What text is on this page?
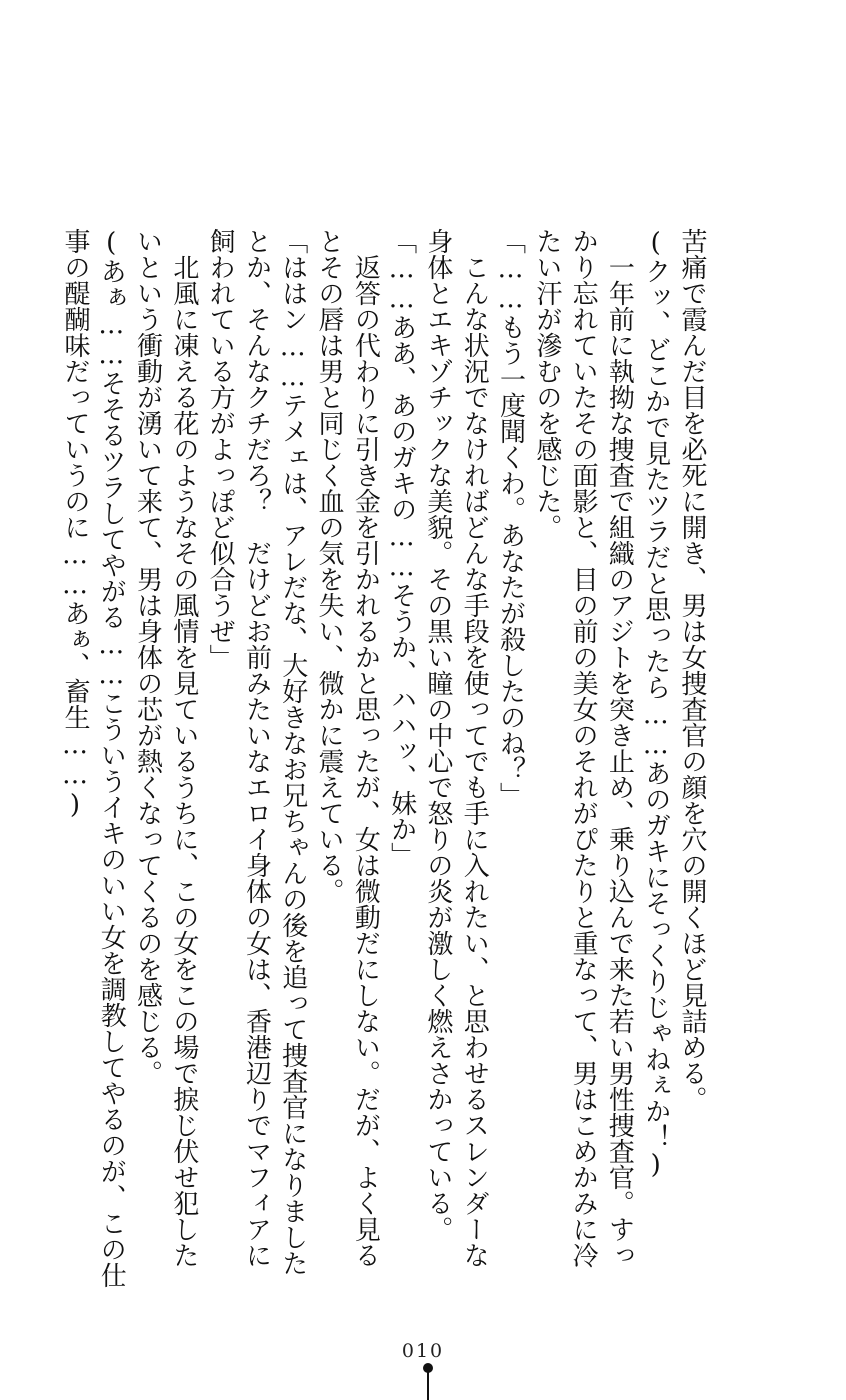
苦痛で霞んだ目を必死に開き、男は女捜査官の顔を穴の開くほど見詰める。
(クッ、どこかで見たツラだと思ったら……あのガキにそっくりじゃねぇか！)
　一年前に執拗な捜査で組織のアジトを突き止め、乗り込んで来た若い男性捜査官。すっ
かり忘れていたその面影と、目の前の美女のそれがぴたりと重なって、男はこめかみに冷
たい汗が滲むのを感じた。
「……もう一度聞くわ。あなたが殺したのね？」
　こんな状況でなければどんな手段を使ってでも手に入れたい、と思わせるスレンダーな
身体とエキゾチックな美貌。その黒い瞳の中心で怒りの炎が激しく燃えさかっている。
「……ああ、あのガキの……そうか、ハハッ、妹か」
　返答の代わりに引き金を引かれるかと思ったが、女は微動だにしない。だが、よく見る
とその唇は男と同じく血の気を失い、微かに震えている。
「ははン……テメェは、アレだな、大好きなお兄ちゃんの後を追って捜査官になりました
とか、そんなクチだろ？　だけどお前みたいなエロイ身体の女は、香港辺りでマフィアに
飼われている方がよっぽど似合うぜ」
　北風に凍える花のようなその風情を見ているうちに、この女をこの場で捩じ伏せ犯した
いという衝動が湧いて来て、男は身体の芯が熱くなってくるのを感じる。
(あぁ……そそるツラしてやがる……こういうイキのいい女を調教してやるのが、この仕
事の醍醐味だっていうのに……あぁ、畜生……)
010
